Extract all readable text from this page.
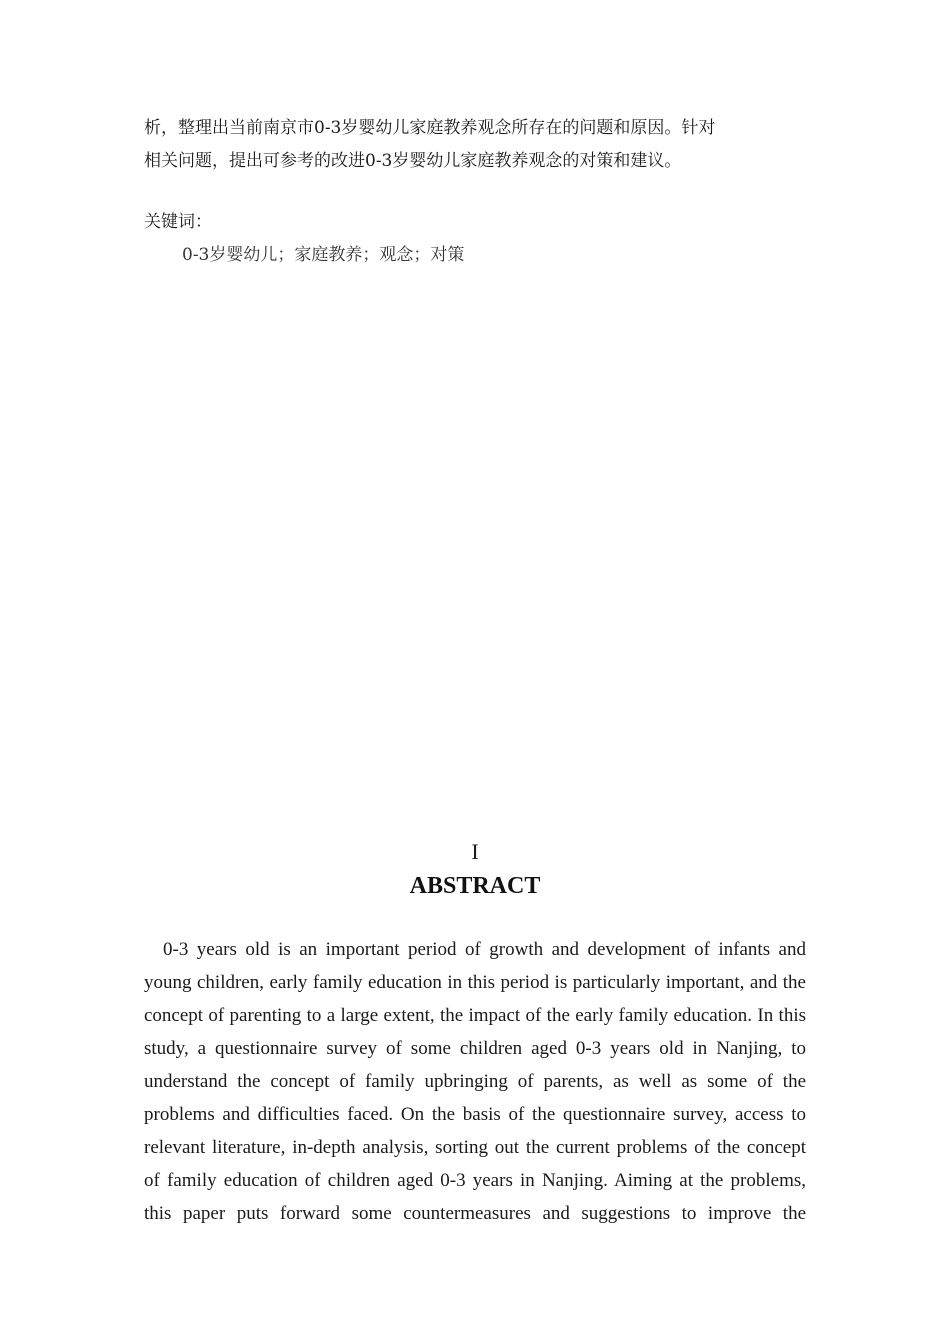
析，整理出当前南京市0-3岁婴幼儿家庭教养观念所存在的问题和原因。针对
相关问题，提出可参考的改进0-3岁婴幼儿家庭教养观念的对策和建议。

关键词：

0-3岁婴幼儿；家庭教养；观念；对策

I

ABSTRACT
0-3 years old is an important period of growth and development of infants and
young children, early family education in this period is particularly important, and the
concept of parenting to a large extent, the impact of the early family education. In this
study, a questionnaire survey of some children aged 0-3 years old in Nanjing, to
understand the concept of family upbringing of parents, as well as some of the
problems and difficulties faced. On the basis of the questionnaire survey, access to
relevant literature, in-depth analysis, sorting out the current problems of the concept
of family education of children aged 0-3 years in Nanjing. Aiming at the problems,
this paper puts forward some countermeasures and suggestions to improve the
